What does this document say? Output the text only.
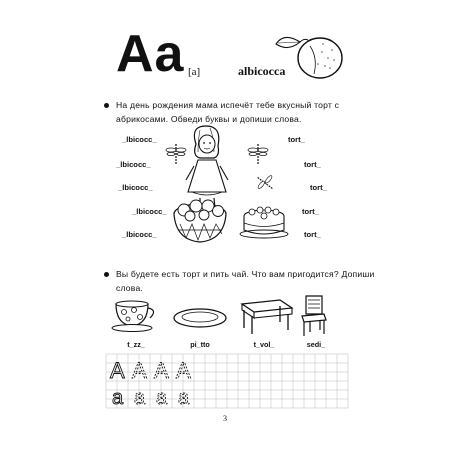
Aa [a]	albicocca
На день рождения мама испечёт тебе вкусный торт с
абрикосами. Обведи буквы и допиши слова.
_lbicocc_
_lbicocc_
_lbicocc_
_lbicocc_
_lbicocc_
tort_
tort_
tort_
tort_
tort_
Вы будете есть торт и пить чай. Что вам пригодится? Допиши
слова.
t_zz_	pi_tto	t_vol_	sedi_
A A A A
a a a a
3
